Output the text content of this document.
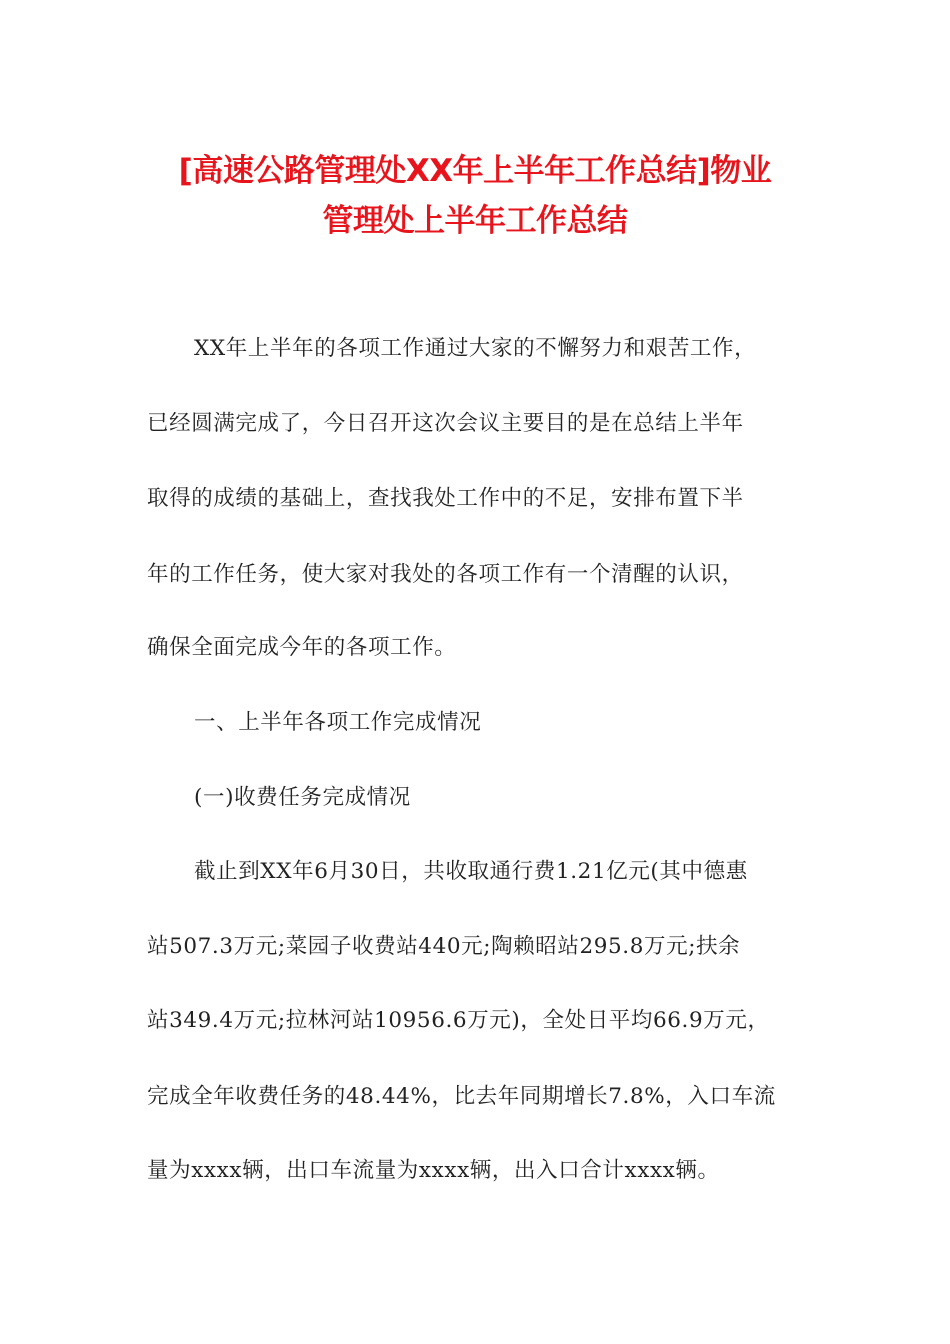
[高速公路管理处XX年上半年工作总结]物业
管理处上半年工作总结
XX年上半年的各项工作通过大家的不懈努力和艰苦工作，
已经圆满完成了，今日召开这次会议主要目的是在总结上半年
取得的成绩的基础上，查找我处工作中的不足，安排布置下半
年的工作任务，使大家对我处的各项工作有一个清醒的认识，
确保全面完成今年的各项工作。
一、上半年各项工作完成情况
(一)收费任务完成情况
截止到XX年6月30日，共收取通行费1.21亿元(其中德惠
站507.3万元;菜园子收费站440元;陶赖昭站295.8万元;扶余
站349.4万元;拉林河站10956.6万元)，全处日平均66.9万元，
完成全年收费任务的48.44%，比去年同期增长7.8%，入口车流
量为xxxx辆，出口车流量为xxxx辆，出入口合计xxxx辆。
